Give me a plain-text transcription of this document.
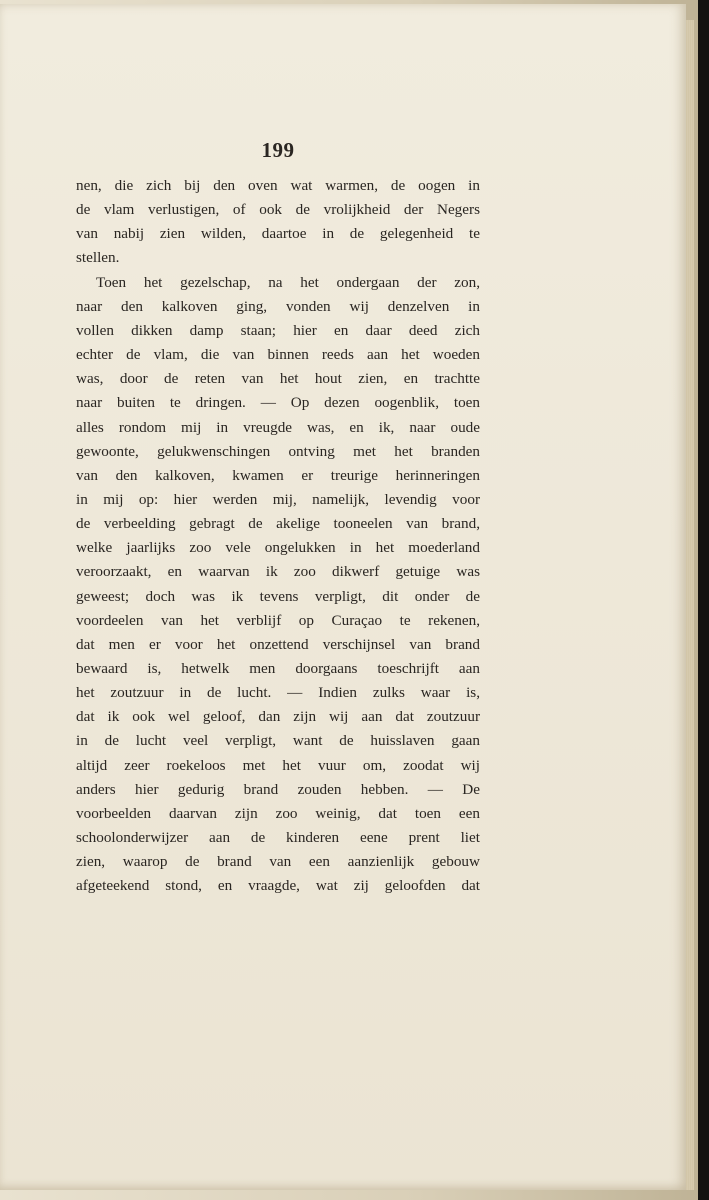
199
nen, die zich bij den oven wat warmen, de oogen in
de vlam verlustigen, of ook de vrolijkheid der Negers
van nabij zien wilden, daartoe in de gelegenheid te
stellen.
Toen het gezelschap, na het ondergaan der zon,
naar den kalkoven ging, vonden wij denzelven in
vollen dikken damp staan; hier en daar deed zich
echter de vlam, die van binnen reeds aan het woeden
was, door de reten van het hout zien, en trachtte
naar buiten te dringen. — Op dezen oogenblik, toen
alles rondom mij in vreugde was, en ik, naar oude
gewoonte, gelukwenschingen ontving met het branden
van den kalkoven, kwamen er treurige herinneringen
in mij op: hier werden mij, namelijk, levendig voor
de verbeelding gebragt de akelige tooneelen van brand,
welke jaarlijks zoo vele ongelukken in het moederland
veroorzaakt, en waarvan ik zoo dikwerf getuige was
geweest; doch was ik tevens verpligt, dit onder de
voordeelen van het verblijf op Curaçao te rekenen,
dat men er voor het onzettend verschijnsel van brand
bewaard is, hetwelk men doorgaans toeschrijft aan
het zoutzuur in de lucht. — Indien zulks waar is,
dat ik ook wel geloof, dan zijn wij aan dat zoutzuur
in de lucht veel verpligt, want de huisslaven gaan
altijd zeer roekeloos met het vuur om, zoodat wij
anders hier gedurig brand zouden hebben. — De
voorbeelden daarvan zijn zoo weinig, dat toen een
schoolonderwijzer aan de kinderen eene prent liet
zien, waarop de brand van een aanzienlijk gebouw
afgeteekend stond, en vraagde, wat zij geloofden dat
